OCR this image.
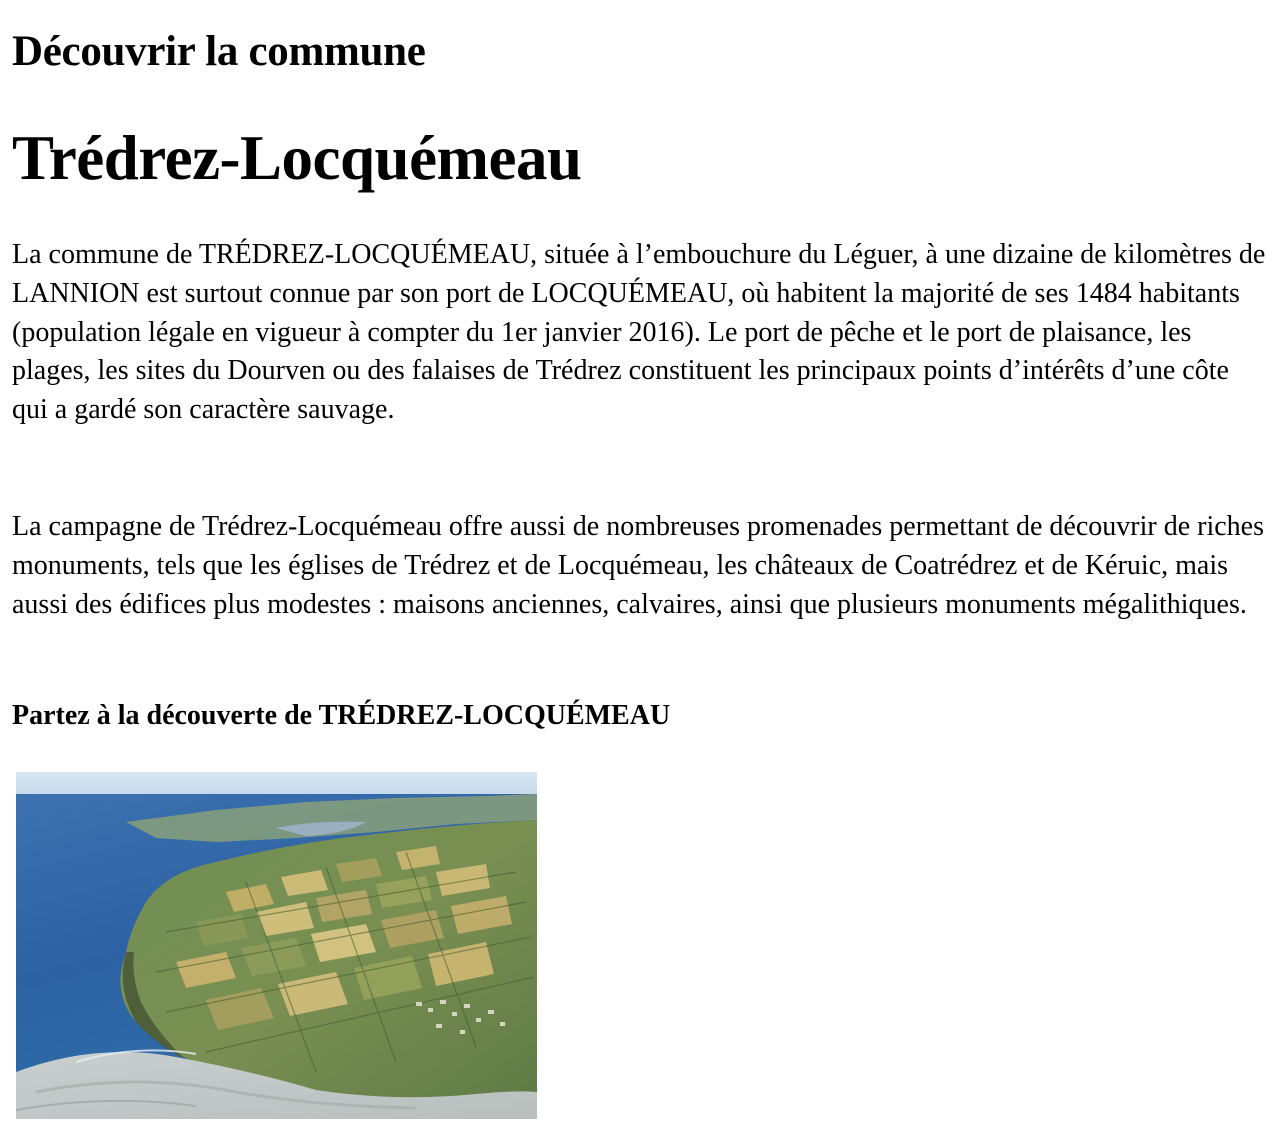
Découvrir la commune
Trédrez-Locquémeau

La commune de TRÉDREZ-LOCQUÉMEAU, située à l’embouchure du Léguer, à une dizaine de kilomètres de LANNION est surtout connue par son port de LOCQUÉMEAU, où habitent la majorité de ses 1484 habitants (population légale en vigueur à compter du 1er janvier 2016). Le port de pêche et le port de plaisance, les plages, les sites du Dourven ou des falaises de Trédrez constituent les principaux points d’intérêts d’une côte qui a gardé son caractère sauvage.

La campagne de Trédrez-Locquémeau offre aussi de nombreuses promenades permettant de découvrir de riches monuments, tels que les églises de Trédrez et de Locquémeau, les châteaux de Coatrédrez et de Kéruic, mais aussi des édifices plus modestes : maisons anciennes, calvaires, ainsi que plusieurs monuments mégalithiques.

Partez à la découverte de TRÉDREZ-LOCQUÉMEAU
